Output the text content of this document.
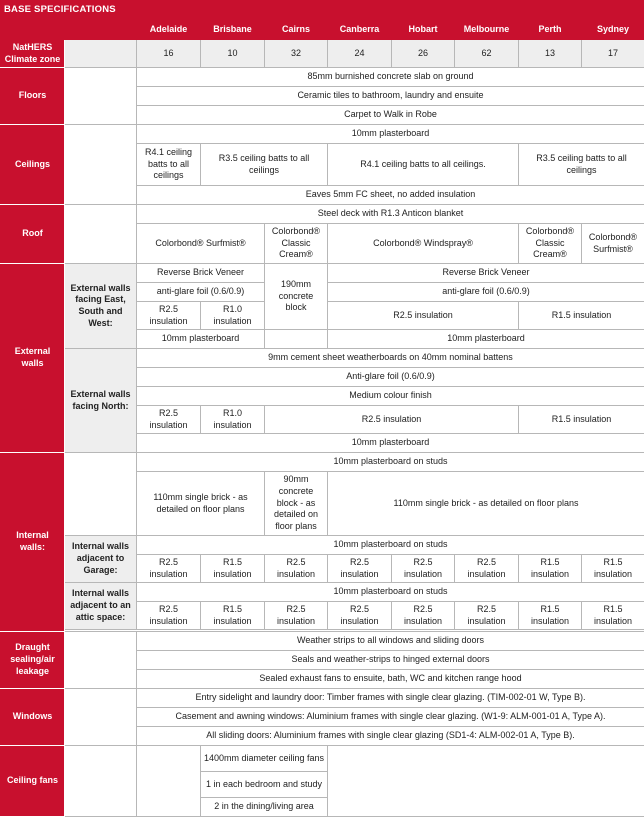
BASE SPECIFICATIONS
		Adelaide	Brisbane	Cairns	Canberra	Hobart	Melbourne	Perth	Sydney
NatHERS Climate zone		16	10	32	24	26	62	13	17
Floors		85mm burnished concrete slab on ground							
		Ceramic tiles to bathroom, laundry and ensuite							
		Carpet to Walk in Robe							
Ceilings		10mm plasterboard							
		R4.1 ceiling batts to all ceilings	R3.5 ceiling batts to all ceilings		R4.1 ceiling batts to all ceilings.			R3.5 ceiling batts to all ceilings	
		Eaves 5mm FC sheet, no added insulation							
Roof		Steel deck with R1.3 Anticon blanket							
		Colorbond® Surfmist®		Colorbond® Classic Cream®	Colorbond® Windspray®			Colorbond® Classic Cream®	Colorbond® Surfmist®
External walls	External walls facing East, South and West:	Reverse Brick Veneer		190mm concrete block	Reverse Brick Veneer				
		anti-glare foil (0.6/0.9)			anti-glare foil (0.6/0.9)				
		R2.5 insulation	R1.0 insulation		R2.5 insulation			R1.5 insulation	
		10mm plasterboard			10mm plasterboard				
	External walls facing North:	9mm cement sheet weatherboards on 40mm nominal battens							
		Anti-glare foil (0.6/0.9)							
		Medium colour finish							
		R2.5 insulation	R1.0 insulation	R2.5 insulation				R1.5 insulation	
		10mm plasterboard							
Internal walls:		10mm plasterboard on studs							
		110mm single brick - as detailed on floor plans		90mm concrete block - as detailed on floor plans	110mm single brick - as detailed on floor plans				
	Internal walls adjacent to Garage:	10mm plasterboard on studs							
		R2.5 insulation	R1.5 insulation	R2.5 insulation	R2.5 insulation	R2.5 insulation	R2.5 insulation	R1.5 insulation	R1.5 insulation
	Internal walls adjacent to an attic space:	10mm plasterboard on studs							
		R2.5 insulation	R1.5 insulation	R2.5 insulation	R2.5 insulation	R2.5 insulation	R2.5 insulation	R1.5 insulation	R1.5 insulation

Draught sealing/air leakage		Weather strips to all windows and sliding doors							
		Seals and weather-strips to hinged external doors							
		Sealed exhaust fans to ensuite, bath, WC and kitchen range hood							
Windows		Entry sidelight and laundry door: Timber frames with single clear glazing. (TIM-002-01 W, Type B).							
		Casement and awning windows: Aluminium frames with single clear glazing. (W1-9: ALM-001-01 A, Type A).							
		All sliding doors: Aluminium frames with single clear glazing (SD1-4: ALM-002-01 A, Type B).							
Ceiling fans			1400mm diameter ceiling fans						
			1 in each bedroom and study						
			2 in the dining/living area						
